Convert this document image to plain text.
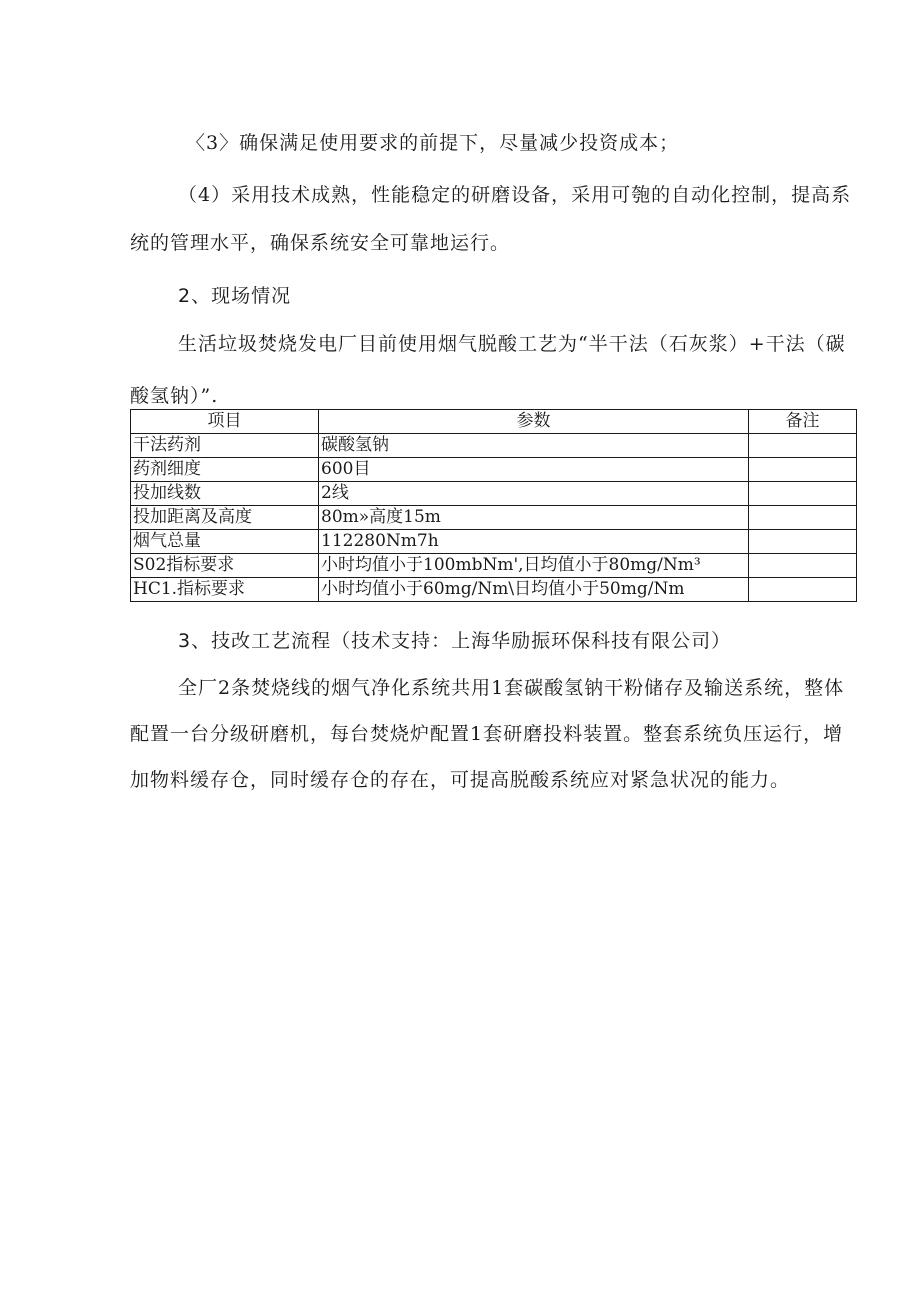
〈3〉确保满足使用要求的前提下，尽量减少投资成本；

（4）采用技术成熟，性能稳定的研磨设备，采用可匏的自动化控制，提高系统的管理水平，确保系统安全可靠地运行。

2、现场情况

生活垃圾焚烧发电厂目前使用烟气脱酸工艺为“半干法（石灰浆）+干法（碳酸氢钠）”.

项目	参数	备注
干法药剂	碳酸氢钠	
药剂细度	600目	
投加线数	2线	
投加距离及高度	80m»高度15m	
烟气总量	112280Nm7h	
S02指标要求	小时均值小于100mbNm',日均值小于80mg/Nm³	
HC1.指标要求	小时均值小于60mg/Nm\日均值小于50mg/Nm	

3、技改工艺流程（技术支持：上海华励振环保科技有限公司）

全厂2条焚烧线的烟气净化系统共用1套碳酸氢钠干粉储存及输送系统，整体配置一台分级研磨机，每台焚烧炉配置1套研磨投料装置。整套系统负压运行，增加物料缓存仓，同时缓存仓的存在，可提高脱酸系统应对紧急状况的能力。
